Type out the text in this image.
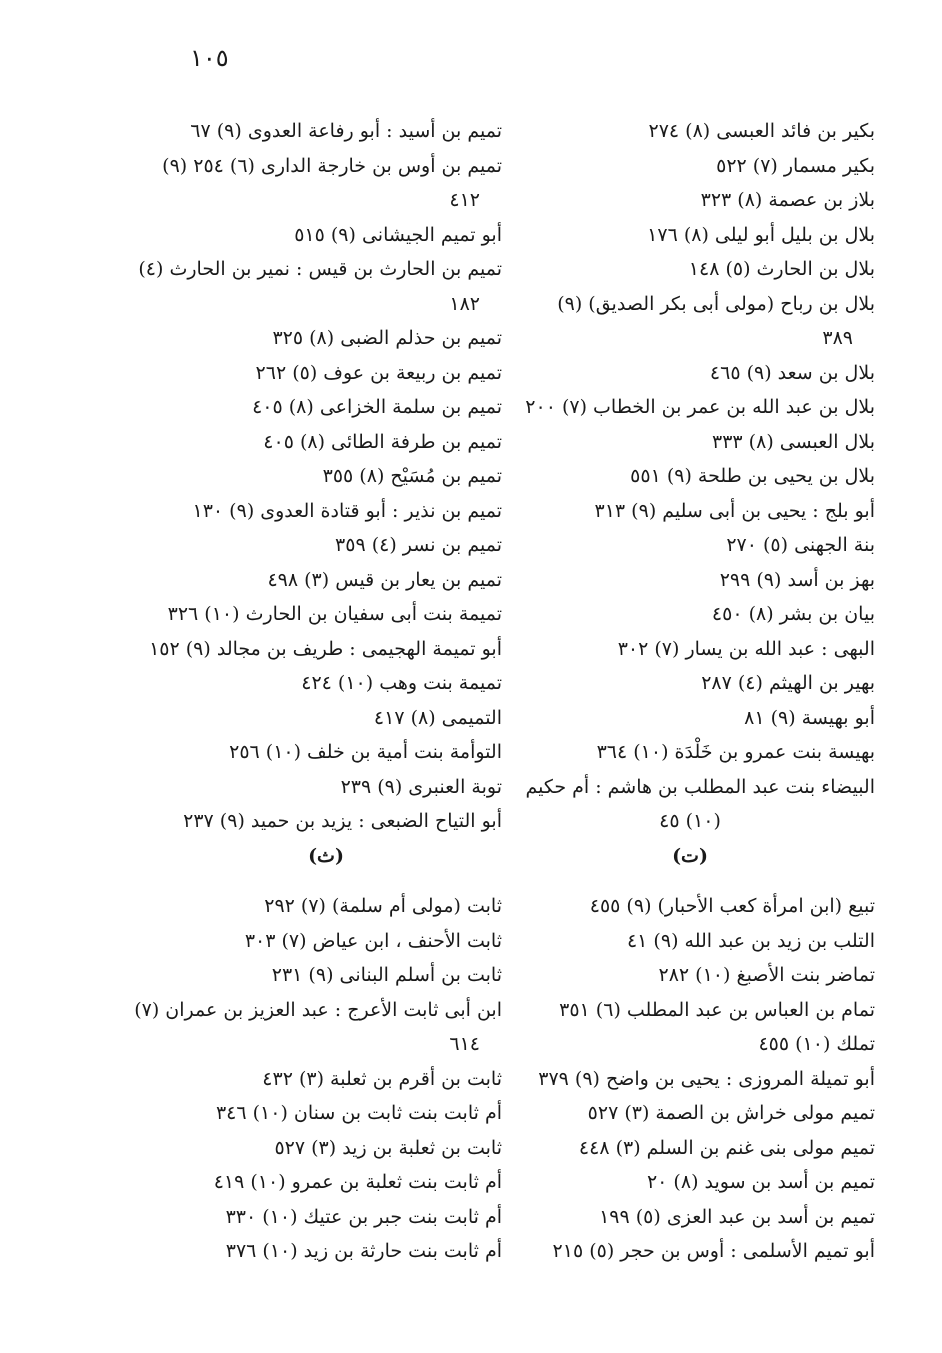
١٠٥
بكير بن فائد العبسى (٨) ٢٧٤
بكير مسمار (٧) ٥٢٢
بلاز بن عصمة (٨) ٣٢٣
بلال بن بليل أبو ليلى (٨) ١٧٦
بلال بن الحارث (٥) ١٤٨
بلال بن رباح (مولى أبى بكر الصديق) (٩)
٣٨٩
بلال بن سعد (٩) ٤٦٥
بلال بن عبد الله بن عمر بن الخطاب (٧) ٢٠٠
بلال العبسى (٨) ٣٣٣
بلال بن يحيى بن طلحة (٩) ٥٥١
أبو بلج : يحيى بن أبى سليم (٩) ٣١٣
بنة الجهنى (٥) ٢٧٠
بهز بن أسد (٩) ٢٩٩
بيان بن بشر (٨) ٤٥٠
البهى : عبد الله بن يسار (٧) ٣٠٢
بهير بن الهيثم (٤) ٢٨٧
أبو بهيسة (٩) ٨١
بهيسة بنت عمرو بن خَلْدَة (١٠) ٣٦٤
البيضاء بنت عبد المطلب بن هاشم : أم حكيم
(١٠) ٤٥
(ت)
تبيع (ابن امرأة كعب الأحبار) (٩) ٤٥٥
التلب بن زيد بن عبد الله (٩) ٤١
تماضر بنت الأصبغ (١٠) ٢٨٢
تمام بن العباس بن عبد المطلب (٦) ٣٥١
تملك (١٠) ٤٥٥
أبو تميلة المروزى : يحيى بن واضح (٩) ٣٧٩
تميم مولى خراش بن الصمة (٣) ٥٢٧
تميم مولى بنى غنم بن السلم (٣) ٤٤٨
تميم بن أسد بن سويد (٨) ٢٠
تميم بن أسد بن عبد العزى (٥) ١٩٩
أبو تميم الأسلمى : أوس بن حجر (٥) ٢١٥
تميم بن أسيد : أبو رفاعة العدوى (٩) ٦٧
تميم بن أوس بن خارجة الدارى (٦) ٢٥٤ (٩)
٤١٢
أبو تميم الجيشانى (٩) ٥١٥
تميم بن الحارث بن قيس : نمير بن الحارث (٤)
١٨٢
تميم بن حذلم الضبى (٨) ٣٢٥
تميم بن ربيعة بن عوف (٥) ٢٦٢
تميم بن سلمة الخزاعى (٨) ٤٠٥
تميم بن طرفة الطائى (٨) ٤٠٥
تميم بن مُسَيْح (٨) ٣٥٥
تميم بن نذير : أبو قتادة العدوى (٩) ١٣٠
تميم بن نسر (٤) ٣٥٩
تميم بن يعار بن قيس (٣) ٤٩٨
تميمة بنت أبى سفيان بن الحارث (١٠) ٣٢٦
أبو تميمة الهجيمى : طريف بن مجالد (٩) ١٥٢
تميمة بنت وهب (١٠) ٤٢٤
التميمى (٨) ٤١٧
التوأمة بنت أمية بن خلف (١٠) ٢٥٦
توبة العنبرى (٩) ٢٣٩
أبو التياح الضبعى : يزيد بن حميد (٩) ٢٣٧
(ث)
ثابت (مولى أم سلمة) (٧) ٢٩٢
ثابت الأحنف ، ابن عياض (٧) ٣٠٣
ثابت بن أسلم البنانى (٩) ٢٣١
ابن أبى ثابت الأعرج : عبد العزيز بن عمران (٧)
٦١٤
ثابت بن أقرم بن ثعلبة (٣) ٤٣٢
أم ثابت بنت ثابت بن سنان (١٠) ٣٤٦
ثابت بن ثعلبة بن زيد (٣) ٥٢٧
أم ثابت بنت ثعلبة بن عمرو (١٠) ٤١٩
أم ثابت بنت جبر بن عتيك (١٠) ٣٣٠
أم ثابت بنت حارثة بن زيد (١٠) ٣٧٦
